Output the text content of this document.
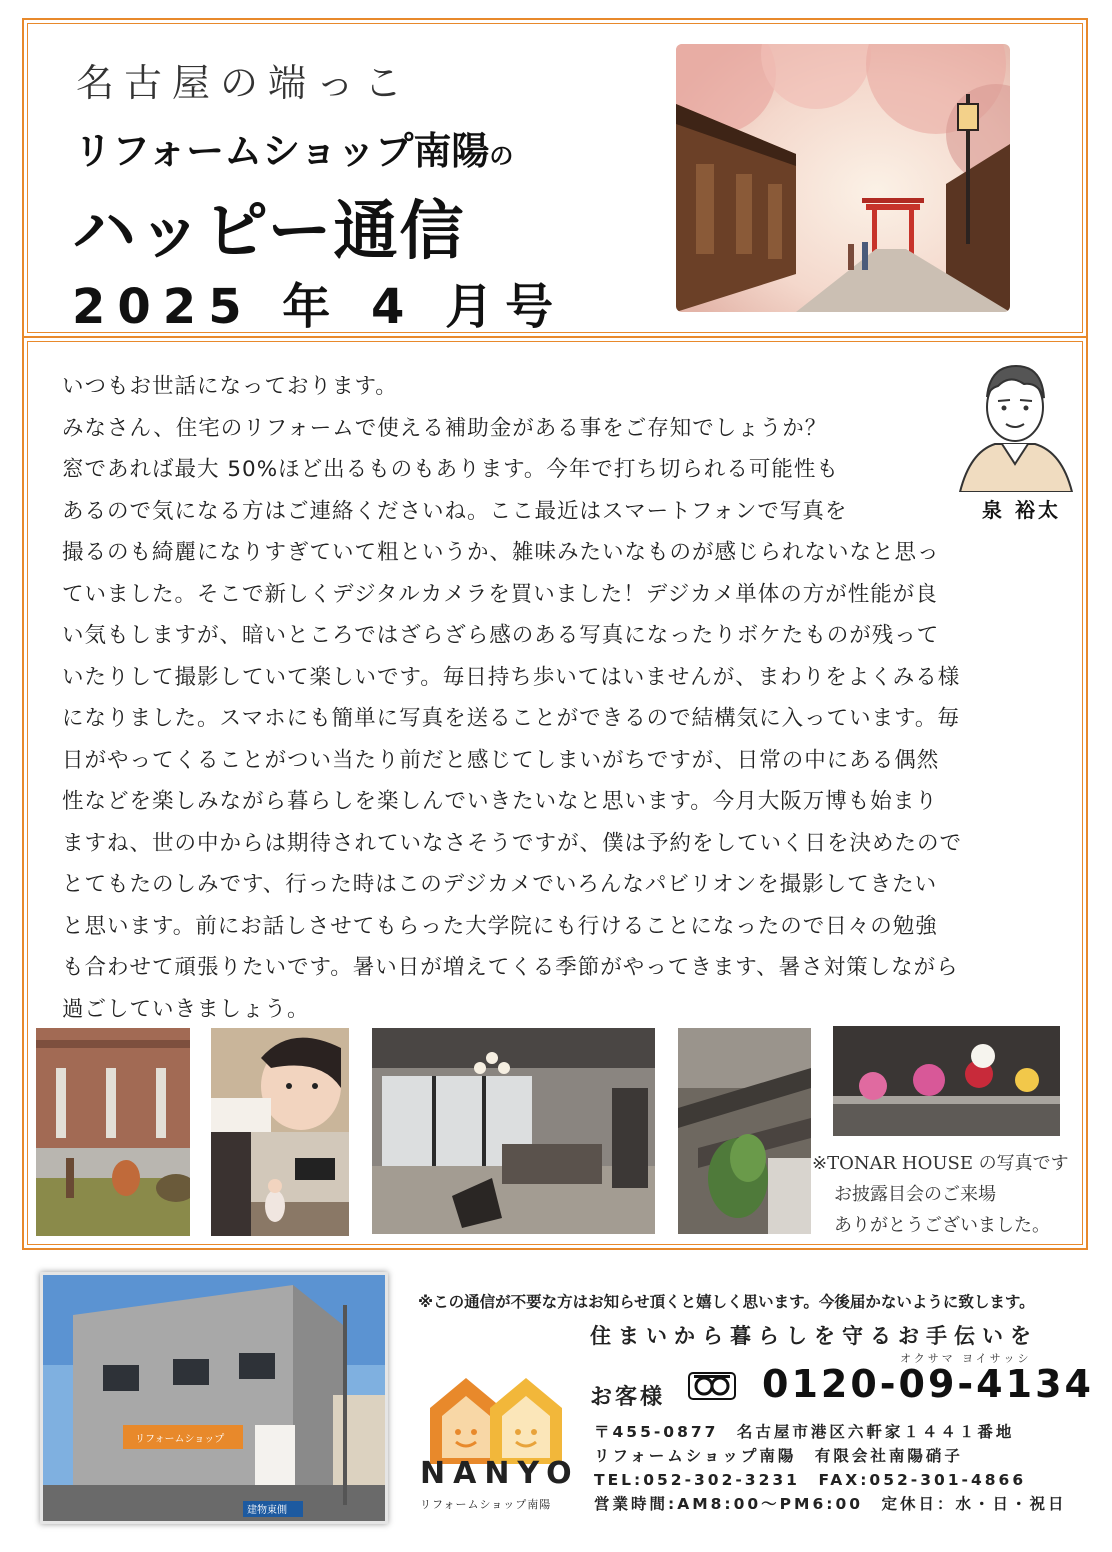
名古屋の端っこ
リフォームショップ南陽の
ハッピー通信
2025 年 4 月号
いつもお世話になっております。
みなさん、住宅のリフォームで使える補助金がある事をご存知でしょうか？
窓であれば最大 50%ほど出るものもあります。今年で打ち切られる可能性も
あるので気になる方はご連絡くださいね。ここ最近はスマートフォンで写真を
撮るのも綺麗になりすぎていて粗というか、雑味みたいなものが感じられないなと思っ
ていました。そこで新しくデジタルカメラを買いました！デジカメ単体の方が性能が良
い気もしますが、暗いところではざらざら感のある写真になったりボケたものが残って
いたりして撮影していて楽しいです。毎日持ち歩いてはいませんが、まわりをよくみる様
になりました。スマホにも簡単に写真を送ることができるので結構気に入っています。毎
日がやってくることがつい当たり前だと感じてしまいがちですが、日常の中にある偶然
性などを楽しみながら暮らしを楽しんでいきたいなと思います。今月大阪万博も始まり
ますね、世の中からは期待されていなさそうですが、僕は予約をしていく日を決めたので
とてもたのしみです、行った時はこのデジカメでいろんなパビリオンを撮影してきたい
と思います。前にお話しさせてもらった大学院にも行けることになったので日々の勉強
も合わせて頑張りたいです。暑い日が増えてくる季節がやってきます、暑さ対策しながら
過ごしていきましょう。
泉 裕太
※TONAR HOUSE の写真です
お披露目会のご来場
ありがとうございました。
リフォームショップ
建物東側
※この通信が不要な方はお知らせ頂くと嬉しく思います。今後届かないように致します。
住まいから暮らしを守るお手伝いを
NANYO
リフォームショップ南陽
オクサマ ヨイサッシ
お客様	0120-09-4134
〒455-0877　名古屋市港区六軒家１４４１番地
リフォームショップ南陽　有限会社南陽硝子
TEL:052-302-3231　FAX:052-301-4866
営業時間:AM8:00～PM6:00　定休日：水・日・祝日
